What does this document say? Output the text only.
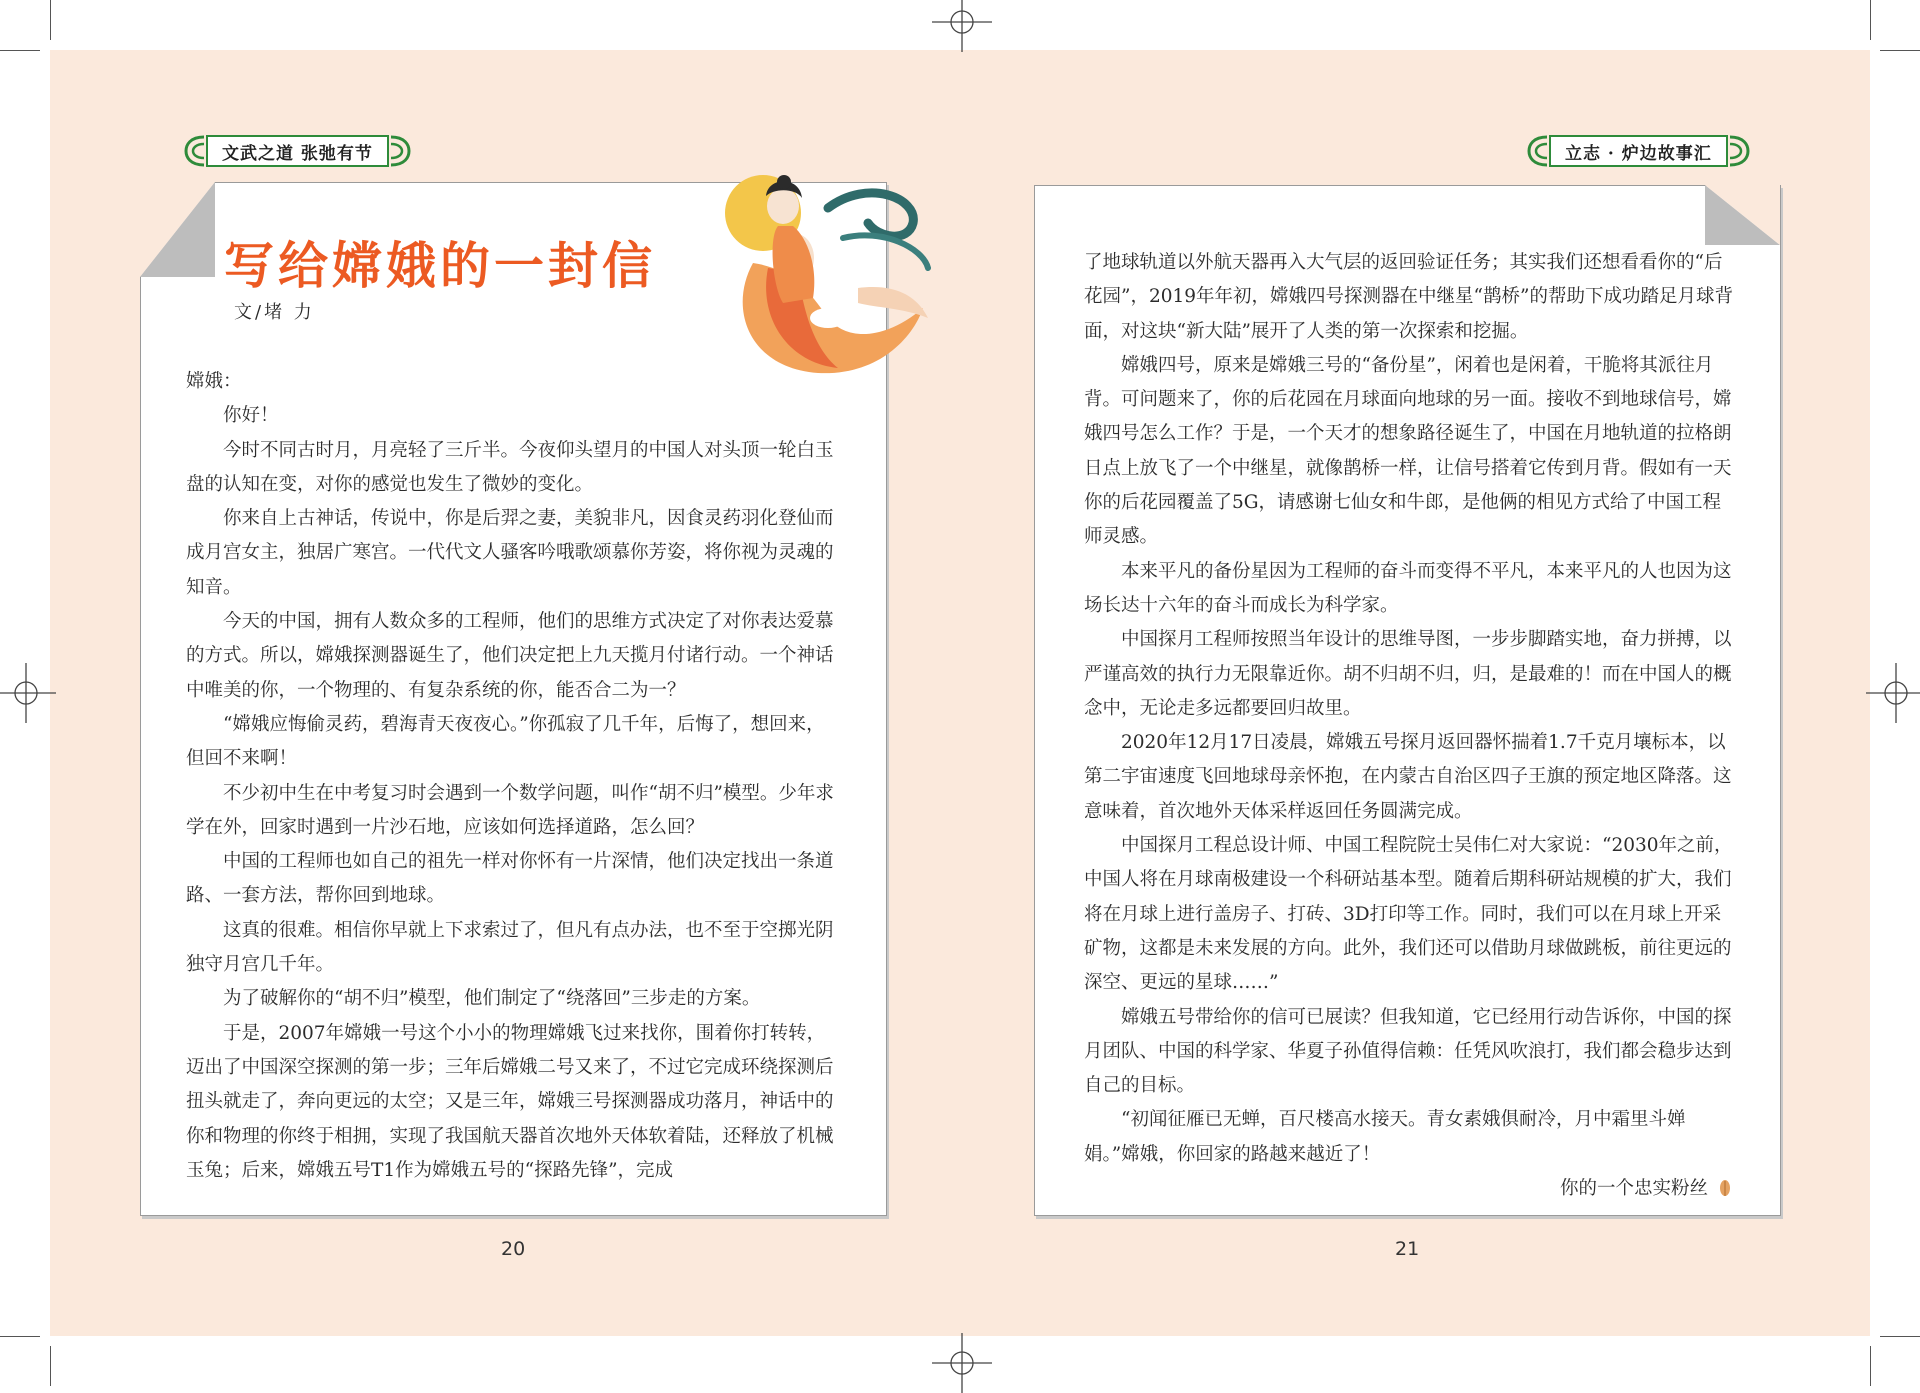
文武之道 张弛有节
写给嫦娥的一封信
文/堵 力

嫦娥：

你好！

今时不同古时月，月亮轻了三斤半。今夜仰头望月的中国人对头顶一轮白玉盘的认知在变，对你的感觉也发生了微妙的变化。

你来自上古神话，传说中，你是后羿之妻，美貌非凡，因食灵药羽化登仙而成月宫女主，独居广寒宫。一代代文人骚客吟哦歌颂慕你芳姿，将你视为灵魂的知音。

今天的中国，拥有人数众多的工程师，他们的思维方式决定了对你表达爱慕的方式。所以，嫦娥探测器诞生了，他们决定把上九天揽月付诸行动。一个神话中唯美的你，一个物理的、有复杂系统的你，能否合二为一？

“嫦娥应悔偷灵药，碧海青天夜夜心。”你孤寂了几千年，后悔了，想回来，但回不来啊！

不少初中生在中考复习时会遇到一个数学问题，叫作“胡不归”模型。少年求学在外，回家时遇到一片沙石地，应该如何选择道路，怎么回？

中国的工程师也如自己的祖先一样对你怀有一片深情，他们决定找出一条道路、一套方法，帮你回到地球。

这真的很难。相信你早就上下求索过了，但凡有点办法，也不至于空掷光阴独守月宫几千年。

为了破解你的“胡不归”模型，他们制定了“绕落回”三步走的方案。

于是，2007年嫦娥一号这个小小的物理嫦娥飞过来找你，围着你打转转，迈出了中国深空探测的第一步；三年后嫦娥二号又来了，不过它完成环绕探测后扭头就走了，奔向更远的太空；又是三年，嫦娥三号探测器成功落月，神话中的你和物理的你终于相拥，实现了我国航天器首次地外天体软着陆，还释放了机械玉兔；后来，嫦娥五号T1作为嫦娥五号的“探路先锋”，完成

20
立志 · 炉边故事汇

了地球轨道以外航天器再入大气层的返回验证任务；其实我们还想看看你的“后花园”，2019年年初，嫦娥四号探测器在中继星“鹊桥”的帮助下成功踏足月球背面，对这块“新大陆”展开了人类的第一次探索和挖掘。

嫦娥四号，原来是嫦娥三号的“备份星”，闲着也是闲着，干脆将其派往月背。可问题来了，你的后花园在月球面向地球的另一面。接收不到地球信号，嫦娥四号怎么工作？于是，一个天才的想象路径诞生了，中国在月地轨道的拉格朗日点上放飞了一个中继星，就像鹊桥一样，让信号搭着它传到月背。假如有一天你的后花园覆盖了5G，请感谢七仙女和牛郎，是他俩的相见方式给了中国工程师灵感。

本来平凡的备份星因为工程师的奋斗而变得不平凡，本来平凡的人也因为这场长达十六年的奋斗而成长为科学家。

中国探月工程师按照当年设计的思维导图，一步步脚踏实地，奋力拼搏，以严谨高效的执行力无限靠近你。胡不归胡不归，归，是最难的！而在中国人的概念中，无论走多远都要回归故里。

2020年12月17日凌晨，嫦娥五号探月返回器怀揣着1.7千克月壤标本，以第二宇宙速度飞回地球母亲怀抱，在内蒙古自治区四子王旗的预定地区降落。这意味着，首次地外天体采样返回任务圆满完成。

中国探月工程总设计师、中国工程院院士吴伟仁对大家说：“2030年之前，中国人将在月球南极建设一个科研站基本型。随着后期科研站规模的扩大，我们将在月球上进行盖房子、打砖、3D打印等工作。同时，我们可以在月球上开采矿物，这都是未来发展的方向。此外，我们还可以借助月球做跳板，前往更远的深空、更远的星球……”

嫦娥五号带给你的信可已展读？但我知道，它已经用行动告诉你，中国的探月团队、中国的科学家、华夏子孙值得信赖：任凭风吹浪打，我们都会稳步达到自己的目标。

“初闻征雁已无蝉，百尺楼高水接天。青女素娥俱耐冷，月中霜里斗婵娟。”嫦娥，你回家的路越来越近了！

你的一个忠实粉丝
21
